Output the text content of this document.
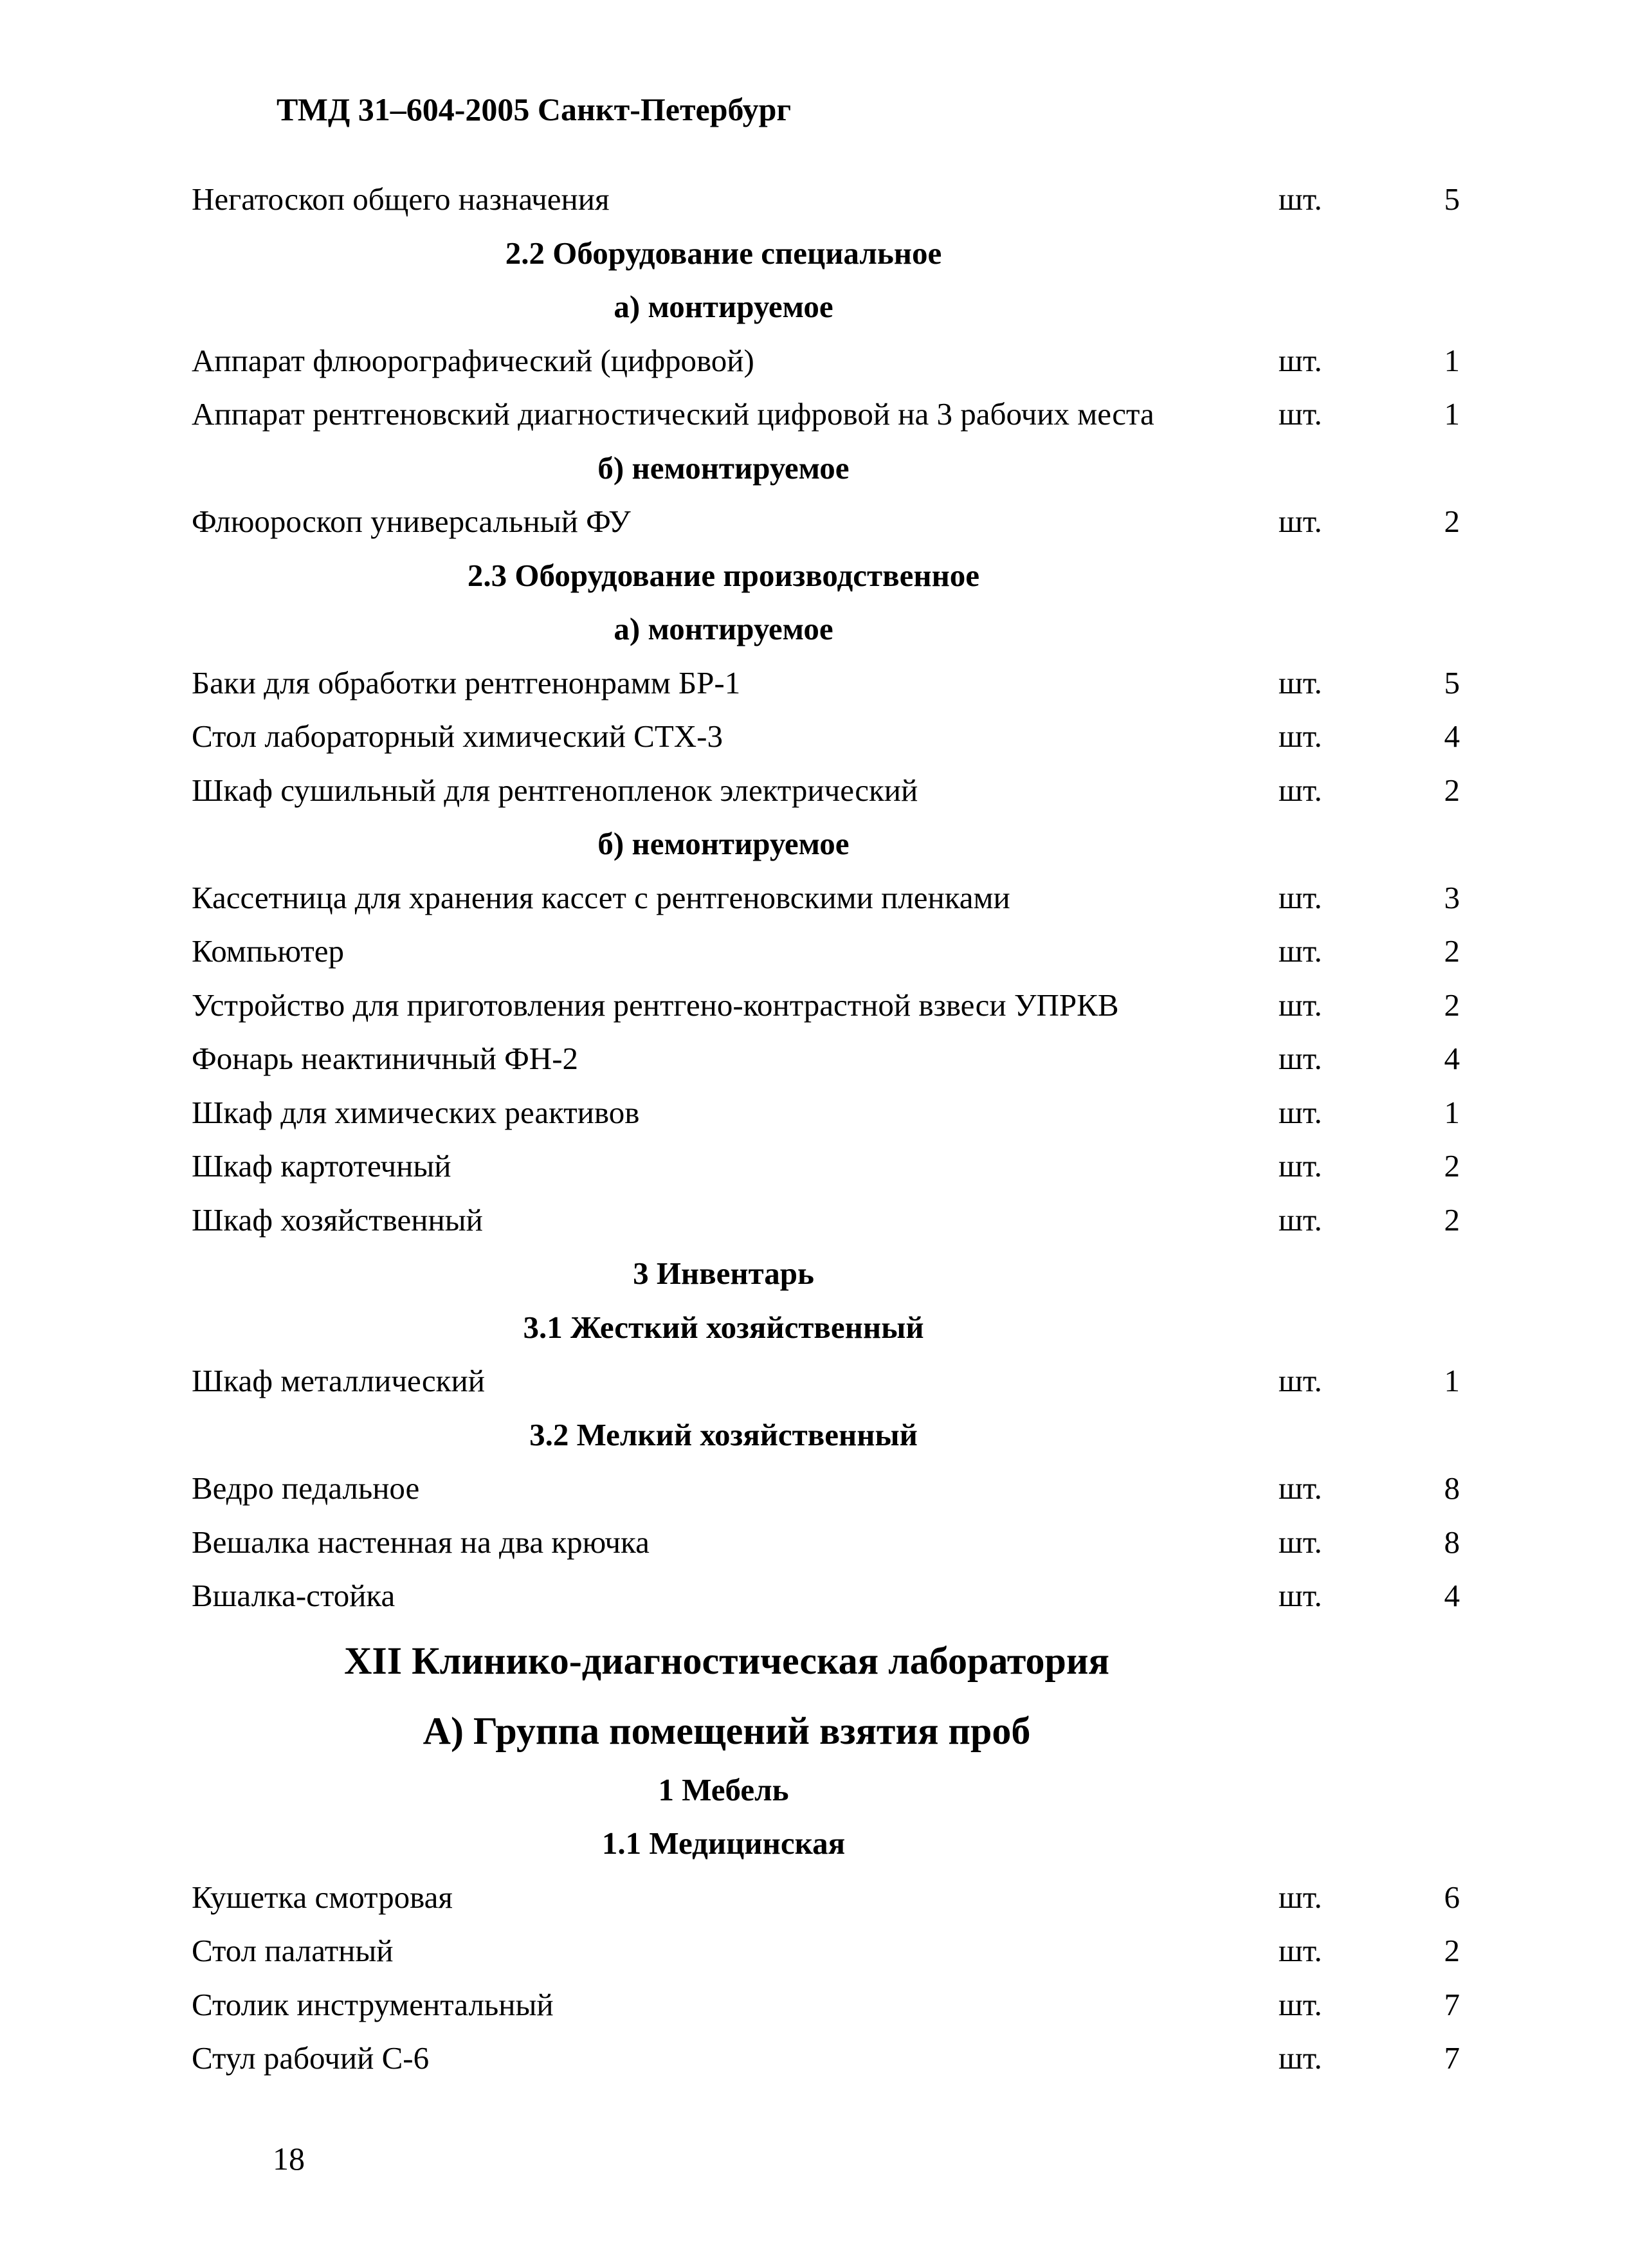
ТМД 31–604-2005 Санкт-Петербург
Негатоскоп общего назначения	шт.	5
2.2 Оборудование специальное
а) монтируемое
Аппарат флюорографический (цифровой)	шт.	1
Аппарат рентгеновский диагностический цифровой на 3 рабочих места	шт.	1
б) немонтируемое
Флюороскоп универсальный ФУ	шт.	2
2.3 Оборудование производственное
а) монтируемое
Баки для обработки рентгенонрамм БР-1	шт.	5
Стол лабораторный химический СТХ-3	шт.	4
Шкаф сушильный для рентгенопленок электрический	шт.	2
б) немонтируемое
Кассетница для хранения кассет с рентгеновскими пленками	шт.	3
Компьютер	шт.	2
Устройство для приготовления рентгено-контрастной взвеси УПРКВ	шт.	2
Фонарь неактиничный ФН-2	шт.	4
Шкаф для химических реактивов	шт.	1
Шкаф картотечный	шт.	2
Шкаф хозяйственный	шт.	2
3 Инвентарь
3.1 Жесткий хозяйственный
Шкаф металлический	шт.	1
3.2 Мелкий хозяйственный
Ведро педальное	шт.	8
Вешалка настенная на два крючка	шт.	8
Вшалка-стойка	шт.	4
XII Клинико-диагностическая лаборатория
А) Группа помещений взятия проб
1 Мебель
1.1 Медицинская
Кушетка смотровая	шт.	6
Стол палатный	шт.	2
Столик инструментальный	шт.	7
Стул рабочий С-6	шт.	7
18
